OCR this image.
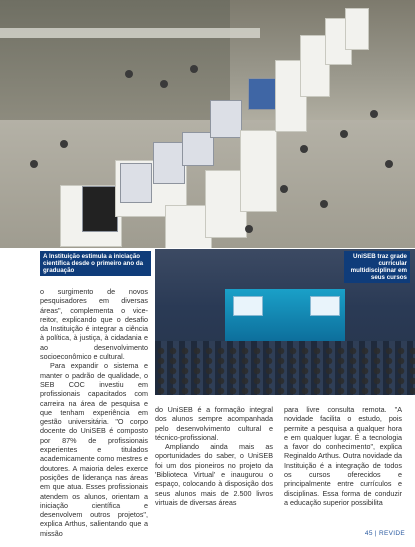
A Instituição estimula a iniciação científica desde o primeiro ano da graduação
UniSEB traz grade curricular multidisciplinar em seus cursos

o surgimento de novos pesquisadores em diversas áreas", complementa o vice-reitor, explicando que o desafio da Instituição é integrar a ciência à política, à justiça, à cidadania e ao desenvolvimento socioeconômico e cultural.

Para expandir o sistema e manter o padrão de qualidade, o SEB COC investiu em profissionais capacitados com carreira na área de pesquisa e que tenham experiência em gestão universitária. "O corpo docente do UniSEB é composto por 87% de profissionais experientes e titulados academicamente como mestres e doutores. A maioria deles exerce posições de liderança nas áreas em que atua. Esses profissionais atendem os alunos, orientam a iniciação científica e desenvolvem outros projetos", explica Arthus, salientando que a missão

do UniSEB é a formação integral dos alunos sempre acompanhada pelo desenvolvimento cultural e técnico-profissional.

Ampliando ainda mais as oportunidades do saber, o UniSEB foi um dos pioneiros no projeto da 'Biblioteca Virtual' e inaugurou o espaço, colocando à disposição dos seus alunos mais de 2.500 livros virtuais de diversas áreas

para livre consulta remota. "A novidade facilita o estudo, pois permite a pesquisa a qualquer hora e em qualquer lugar. É a tecnologia a favor do conhecimento", explica Reginaldo Arthus. Outra novidade da Instituição é a integração de todos os cursos oferecidos e principalmente entre currículos e disciplinas. Essa forma de conduzir a educação superior possibilita

45 | REVIDE
